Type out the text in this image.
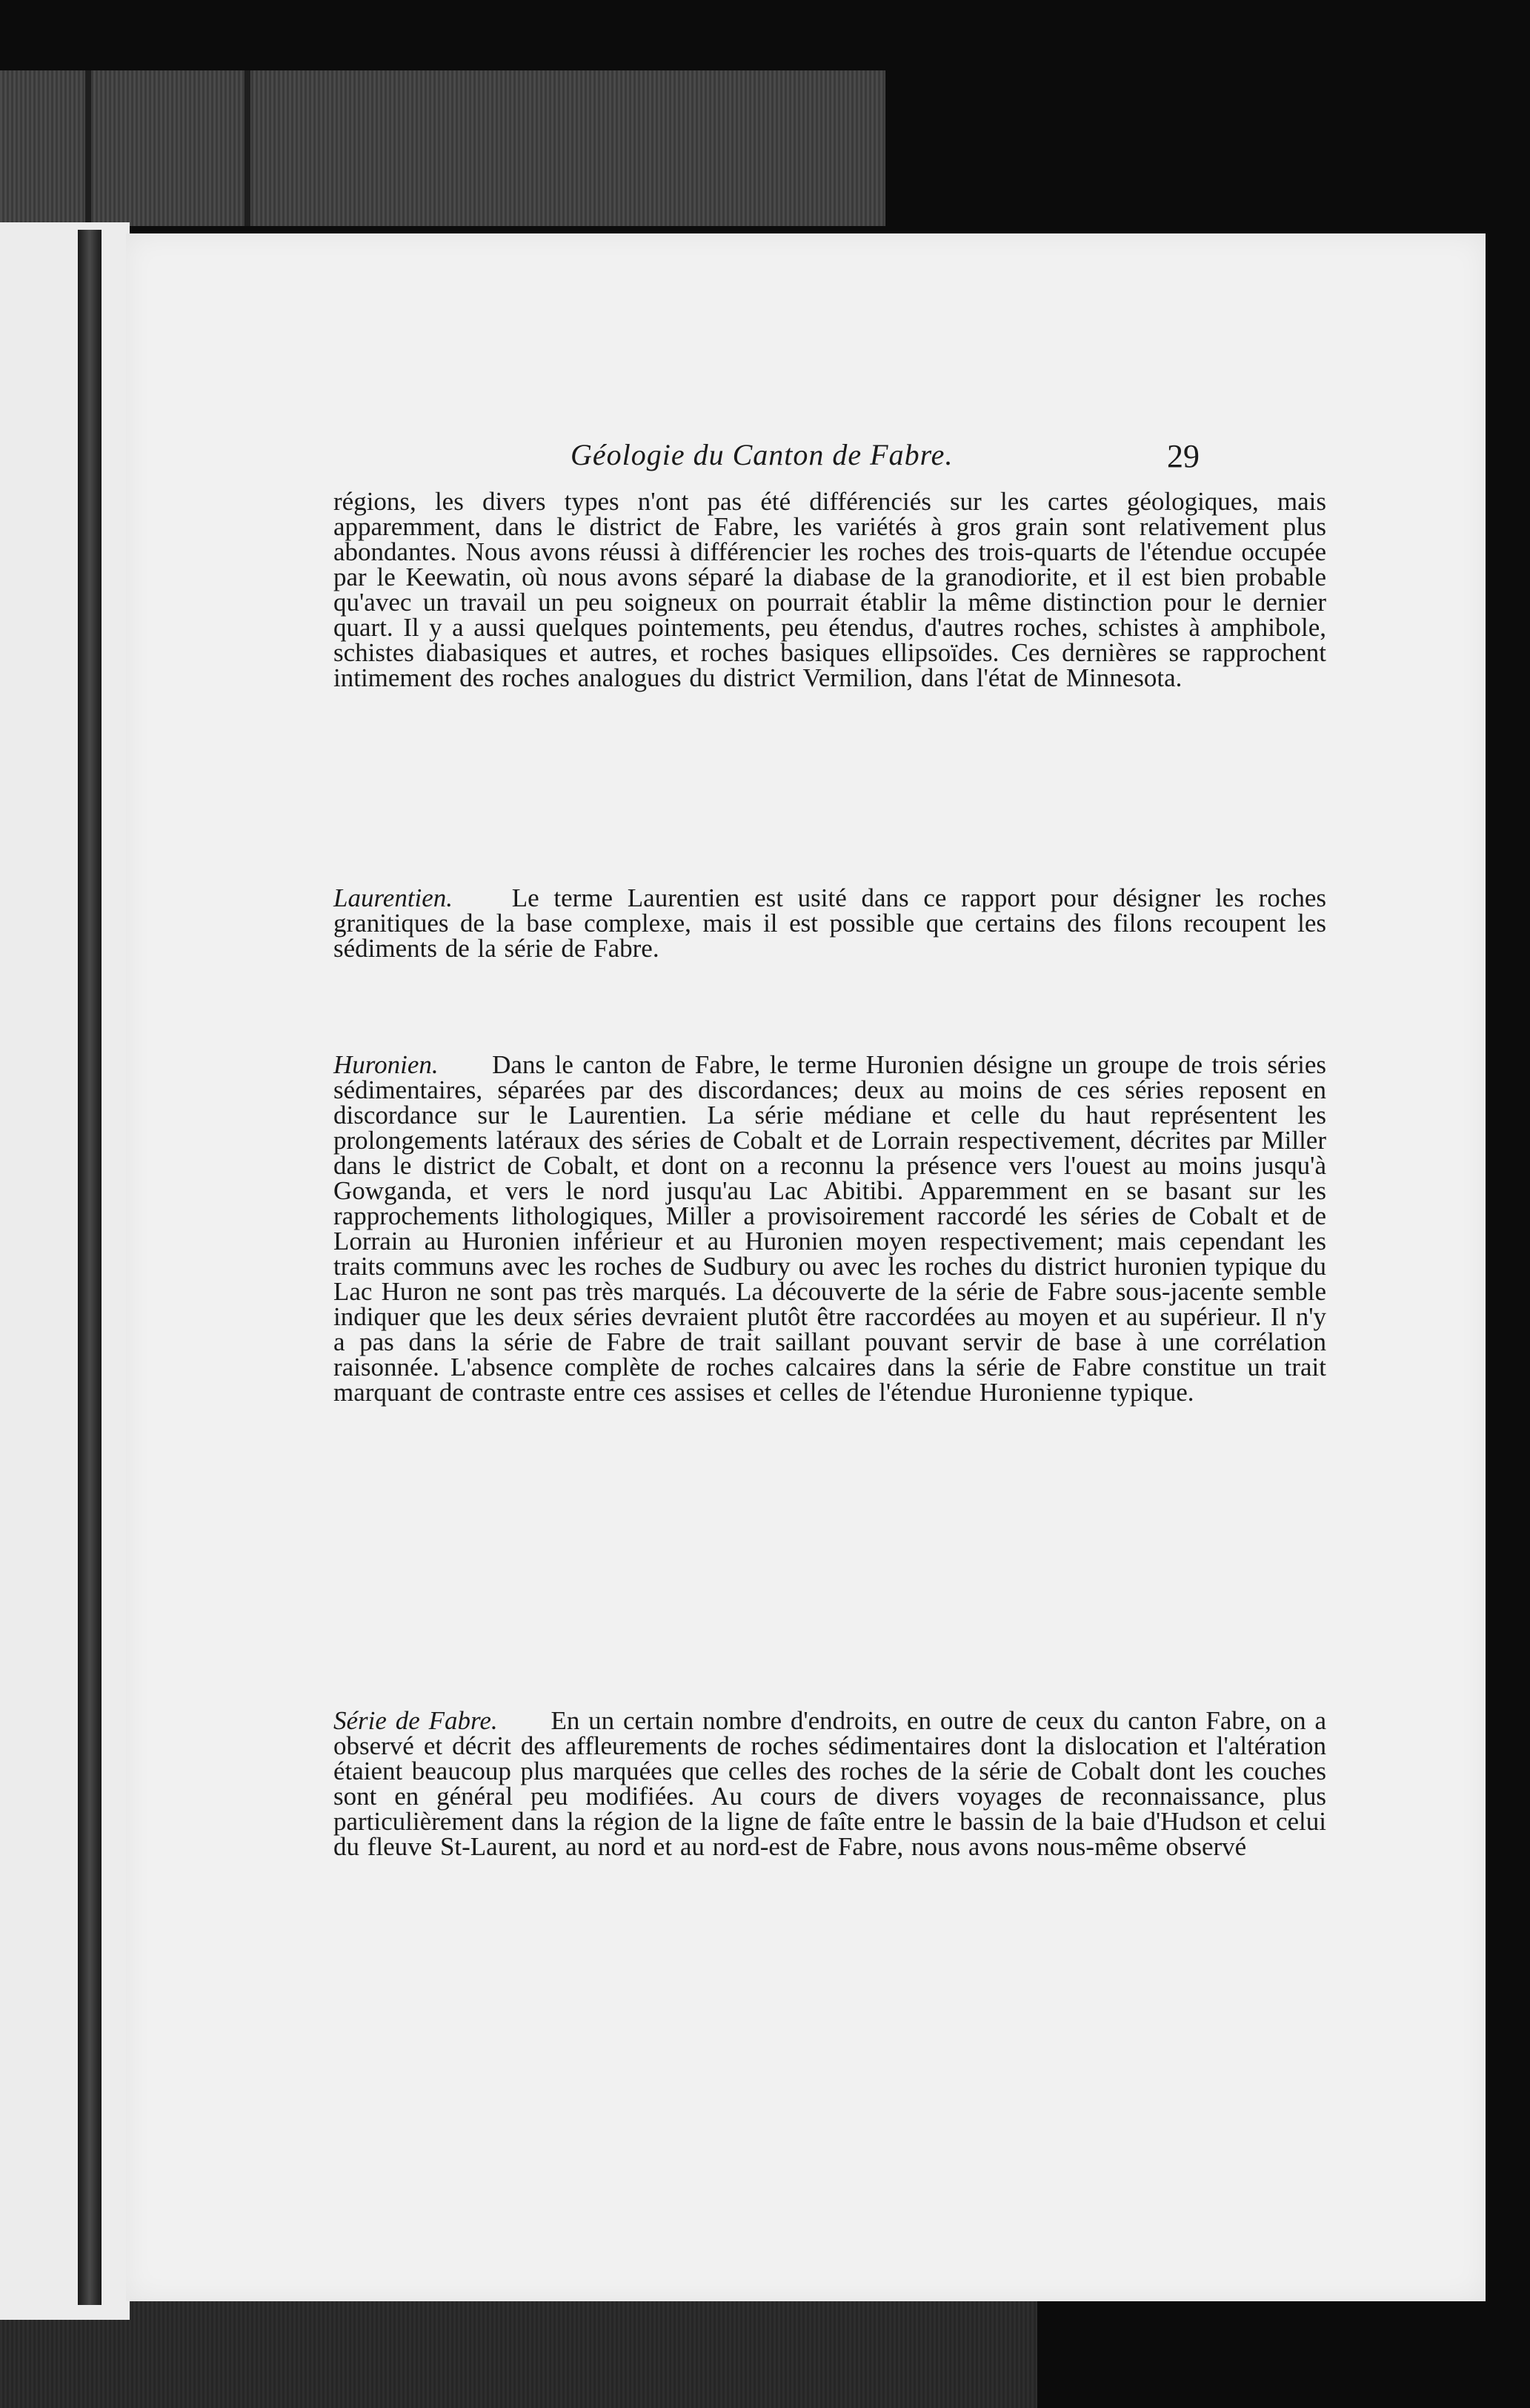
Géologie du Canton de Fabre.	29
régions, les divers types n'ont pas été différenciés sur les cartes géologiques, mais apparemment, dans le district de Fabre, les variétés à gros grain sont relativement plus abondantes. Nous avons réussi à différencier les roches des trois-quarts de l'étendue occupée par le Keewatin, où nous avons séparé la diabase de la granodiorite, et il est bien probable qu'avec un travail un peu soigneux on pourrait établir la même distinction pour le dernier quart. Il y a aussi quelques pointements, peu étendus, d'autres roches, schistes à amphibole, schistes diabasiques et autres, et roches basiques ellipsoïdes. Ces dernières se rapprochent intimement des roches analogues du district Vermilion, dans l'état de Minnesota.
Laurentien. Le terme Laurentien est usité dans ce rapport pour désigner les roches granitiques de la base complexe, mais il est possible que certains des filons recoupent les sédiments de la série de Fabre.
Huronien. Dans le canton de Fabre, le terme Huronien désigne un groupe de trois séries sédimentaires, séparées par des discordances; deux au moins de ces séries reposent en discordance sur le Laurentien. La série médiane et celle du haut représentent les prolongements latéraux des séries de Cobalt et de Lorrain respectivement, décrites par Miller dans le district de Cobalt, et dont on a reconnu la présence vers l'ouest au moins jusqu'à Gowganda, et vers le nord jusqu'au Lac Abitibi. Apparemment en se basant sur les rapprochements lithologiques, Miller a provisoirement raccordé les séries de Cobalt et de Lorrain au Huronien inférieur et au Huronien moyen respectivement; mais cependant les traits communs avec les roches de Sudbury ou avec les roches du district huronien typique du Lac Huron ne sont pas très marqués. La découverte de la série de Fabre sous-jacente semble indiquer que les deux séries devraient plutôt être raccordées au moyen et au supérieur. Il n'y a pas dans la série de Fabre de trait saillant pouvant servir de base à une corrélation raisonnée. L'absence complète de roches calcaires dans la série de Fabre constitue un trait marquant de contraste entre ces assises et celles de l'étendue Huronienne typique.
Série de Fabre. En un certain nombre d'endroits, en outre de ceux du canton Fabre, on a observé et décrit des affleurements de roches sédimentaires dont la dislocation et l'altération étaient beaucoup plus marquées que celles des roches de la série de Cobalt dont les couches sont en général peu modifiées. Au cours de divers voyages de reconnaissance, plus particulièrement dans la région de la ligne de faîte entre le bassin de la baie d'Hudson et celui du fleuve St-Laurent, au nord et au nord-est de Fabre, nous avons nous-même observé
